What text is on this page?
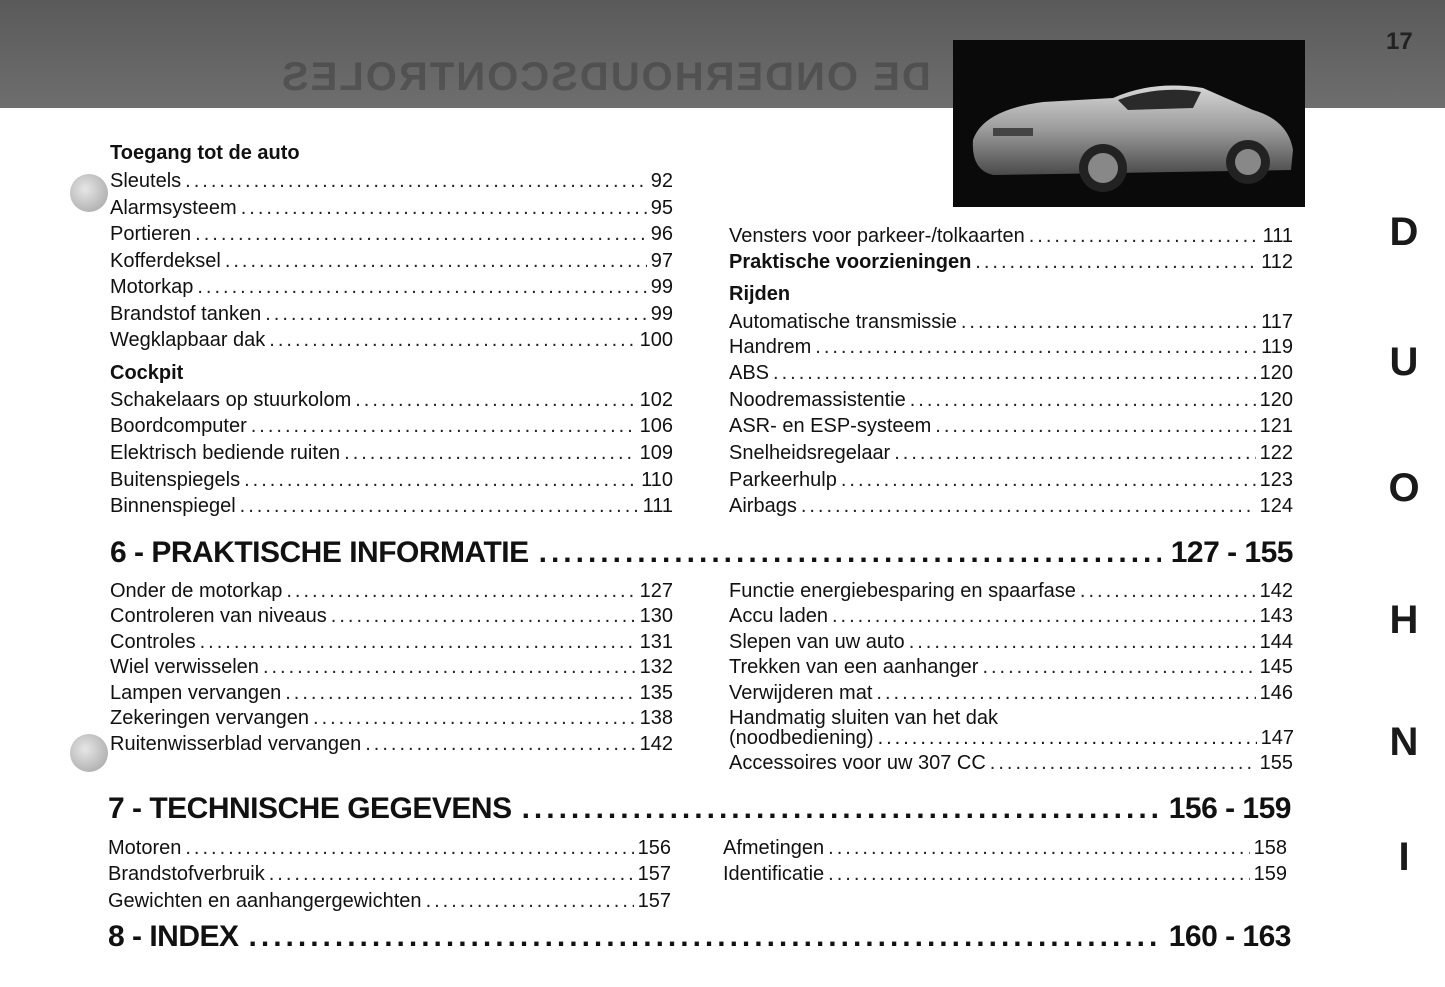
DE ONDERHOUDSCONTROLES
17
D
U
O
H
N
I
Toegang tot de auto
Sleutels .....	92
Alarmsysteem .....	95
Portieren .....	96
Kofferdeksel .....	97
Motorkap .....	99
Brandstof tanken .....	99
Wegklapbaar dak .....	100
Cockpit
Schakelaars op stuurkolom .....	102
Boordcomputer .....	106
Elektrisch bediende ruiten .....	109
Buitenspiegels .....	110
Binnenspiegel .....	111
Vensters voor parkeer-/tolkaarten .....	111
Praktische voorzieningen .....	112
Rijden
Automatische transmissie .....	117
Handrem .....	119
ABS .....	120
Noodremassistentie .....	120
ASR- en ESP-systeem .....	121
Snelheidsregelaar .....	122
Parkeerhulp .....	123
Airbags .....	124
6 - PRAKTISCHE INFORMATIE .....	127 - 155
Onder de motorkap .....	127
Controleren van niveaus .....	130
Controles .....	131
Wiel verwisselen .....	132
Lampen vervangen .....	135
Zekeringen vervangen .....	138
Ruitenwisserblad vervangen .....	142
Functie energiebesparing en spaarfase .....	142
Accu laden .....	143
Slepen van uw auto .....	144
Trekken van een aanhanger .....	145
Verwijderen mat .....	146
Handmatig sluiten van het dak
(noodbediening) .....	147
Accessoires voor uw 307 CC .....	155
7 - TECHNISCHE GEGEVENS .....	156 - 159
Motoren .....	156
Brandstofverbruik .....	157
Gewichten en aanhangergewichten .....	157
Afmetingen .....	158
Identificatie .....	159
8 - INDEX .....	160 - 163
